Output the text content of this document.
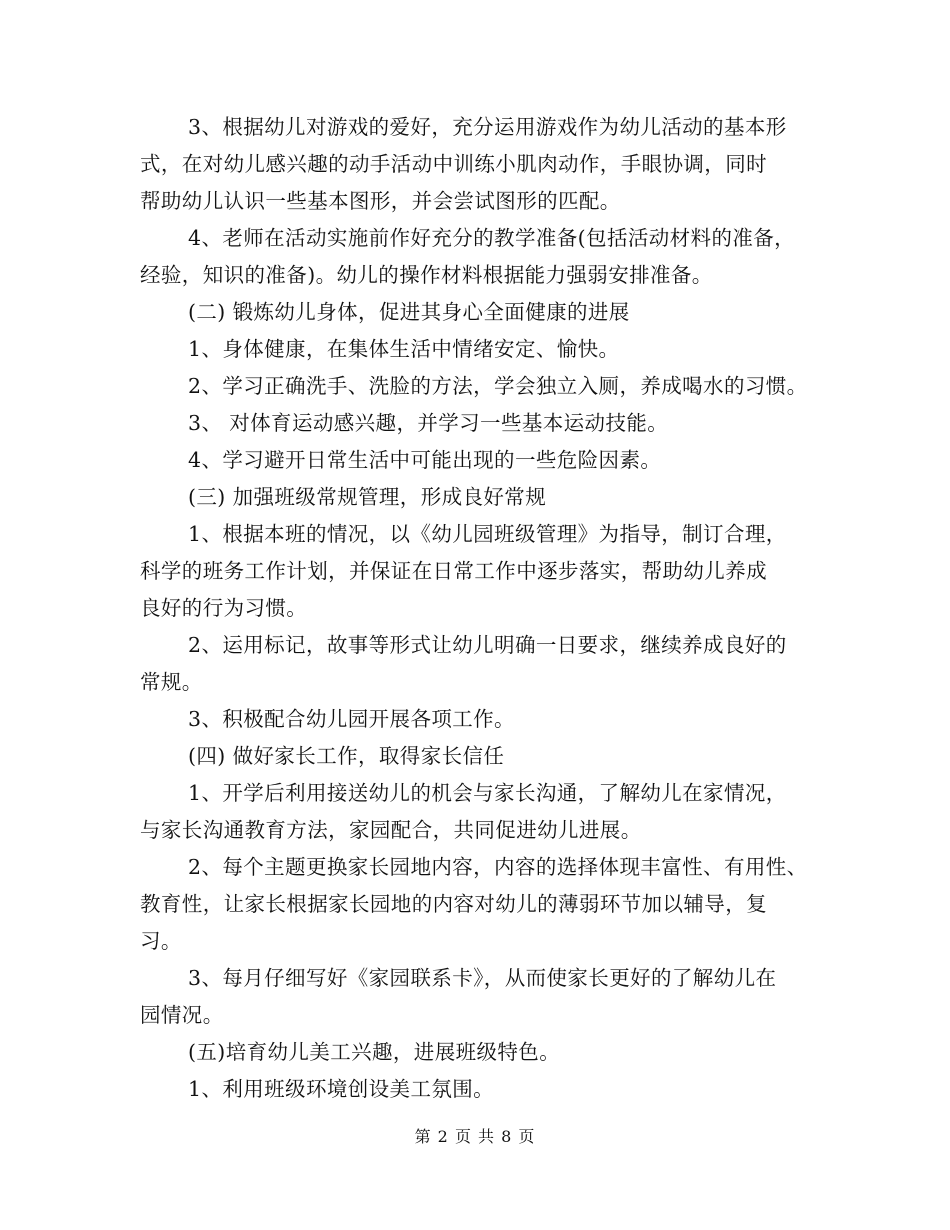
3、根据幼儿对游戏的爱好，充分运用游戏作为幼儿活动的基本形
式，在对幼儿感兴趣的动手活动中训练小肌肉动作，手眼协调，同时
帮助幼儿认识一些基本图形，并会尝试图形的匹配。
4、老师在活动实施前作好充分的教学准备(包括活动材料的准备，
经验，知识的准备)。幼儿的操作材料根据能力强弱安排准备。
(二) 锻炼幼儿身体，促进其身心全面健康的进展
1、身体健康，在集体生活中情绪安定、愉快。
2、学习正确洗手、洗脸的方法，学会独立入厕，养成喝水的习惯。
3、 对体育运动感兴趣，并学习一些基本运动技能。
4、学习避开日常生活中可能出现的一些危险因素。
(三) 加强班级常规管理，形成良好常规
1、根据本班的情况，以《幼儿园班级管理》为指导，制订合理，
科学的班务工作计划，并保证在日常工作中逐步落实，帮助幼儿养成
良好的行为习惯。
2、运用标记，故事等形式让幼儿明确一日要求，继续养成良好的
常规。
3、积极配合幼儿园开展各项工作。
(四) 做好家长工作，取得家长信任
1、开学后利用接送幼儿的机会与家长沟通，了解幼儿在家情况，
与家长沟通教育方法，家园配合，共同促进幼儿进展。
2、每个主题更换家长园地内容，内容的选择体现丰富性、有用性、
教育性，让家长根据家长园地的内容对幼儿的薄弱环节加以辅导，复
习。
3、每月仔细写好《家园联系卡》，从而使家长更好的了解幼儿在
园情况。
(五)培育幼儿美工兴趣，进展班级特色。
1、利用班级环境创设美工氛围。
第 2 页 共 8 页
